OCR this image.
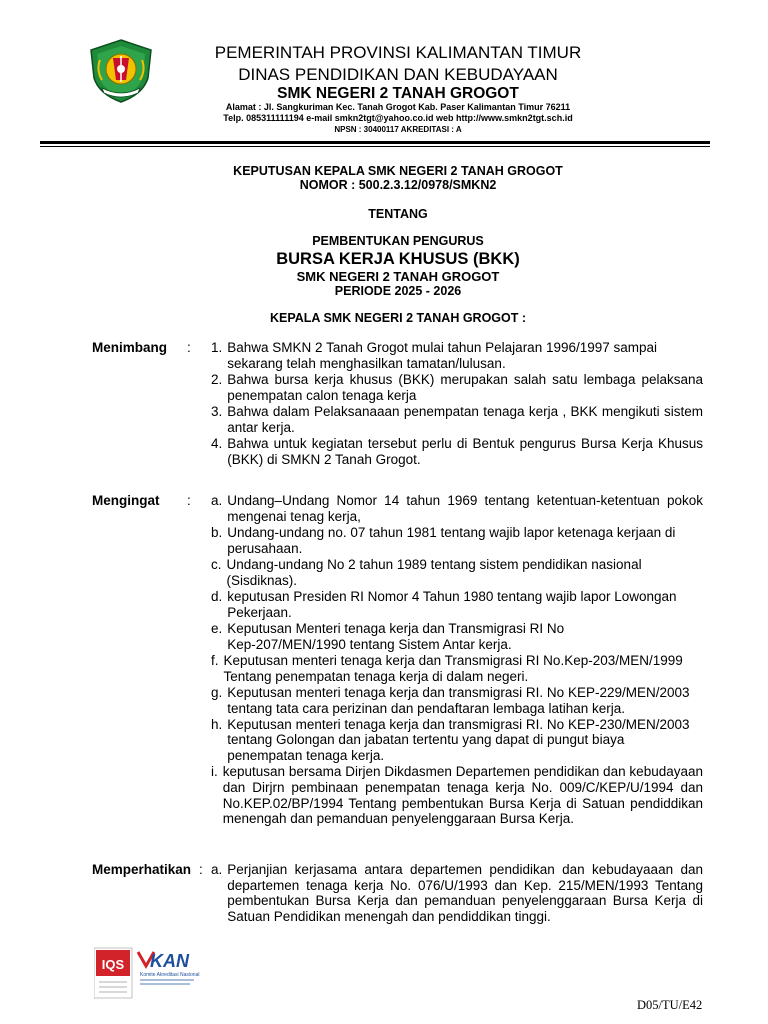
PEMERINTAH PROVINSI KALIMANTAN TIMUR
DINAS PENDIDIKAN DAN KEBUDAYAAN
SMK NEGERI 2 TANAH GROGOT
Alamat : Jl. Sangkuriman Kec. Tanah Grogot Kab. Paser Kalimantan Timur 76211
Telp. 085311111194 e-mail smkn2tgt@yahoo.co.id web http://www.smkn2tgt.sch.id
NPSN : 30400117 AKREDITASI : A
KEPUTUSAN KEPALA SMK NEGERI 2 TANAH GROGOT
NOMOR : 500.2.3.12/0978/SMKN2
TENTANG
PEMBENTUKAN PENGURUS
BURSA KERJA KHUSUS (BKK)
SMK NEGERI 2 TANAH GROGOT
PERIODE 2025 - 2026
KEPALA SMK NEGERI 2 TANAH GROGOT :
Menimbang : 1. Bahwa SMKN 2 Tanah Grogot mulai tahun Pelajaran 1996/1997 sampai sekarang telah menghasilkan tamatan/lulusan.
2. Bahwa bursa kerja khusus (BKK) merupakan salah satu lembaga pelaksana penempatan calon tenaga kerja
3. Bahwa dalam Pelaksanaaan penempatan tenaga kerja , BKK mengikuti sistem antar kerja.
4. Bahwa untuk kegiatan tersebut perlu di Bentuk pengurus Bursa Kerja Khusus (BKK) di SMKN 2 Tanah Grogot.
Mengingat : a. Undang–Undang Nomor 14 tahun 1969 tentang ketentuan-ketentuan pokok mengenai tenag kerja,
b. Undang-undang no. 07 tahun 1981 tentang wajib lapor ketenaga kerjaan di perusahaan.
c. Undang-undang No 2 tahun 1989 tentang sistem pendidikan nasional (Sisdiknas).
d. keputusan Presiden RI Nomor 4 Tahun 1980 tentang wajib lapor Lowongan Pekerjaan.
e. Keputusan Menteri tenaga kerja dan Transmigrasi RI No Kep-207/MEN/1990 tentang Sistem Antar kerja.
f. Keputusan menteri tenaga kerja dan Transmigrasi RI No.Kep-203/MEN/1999 Tentang penempatan tenaga kerja di dalam negeri.
g. Keputusan menteri tenaga kerja dan transmigrasi RI. No KEP-229/MEN/2003 tentang tata cara perizinan dan pendaftaran lembaga latihan kerja.
h. Keputusan menteri tenaga kerja dan transmigrasi RI. No KEP-230/MEN/2003 tentang Golongan dan jabatan tertentu yang dapat di pungut biaya penempatan tenaga kerja.
i. keputusan bersama Dirjen Dikdasmen Departemen pendidikan dan kebudayaan dan Dirjrn pembinaan penempatan tenaga kerja No. 009/C/KEP/U/1994 dan No.KEP.02/BP/1994 Tentang pembentukan Bursa Kerja di Satuan pendiddikan menengah dan pemanduan penyelenggaraan Bursa Kerja.
Memperhatikan : a. Perjanjian kerjasama antara departemen pendidikan dan kebudayaaan dan departemen tenaga kerja No. 076/U/1993 dan Kep. 215/MEN/1993 Tentang pembentukan Bursa Kerja dan pemanduan penyelenggaraan Bursa Kerja di Satuan Pendidikan menengah dan pendiddikan tinggi.
IQS KAN
Komite Akreditasi Nasional
D05/TU/E42
